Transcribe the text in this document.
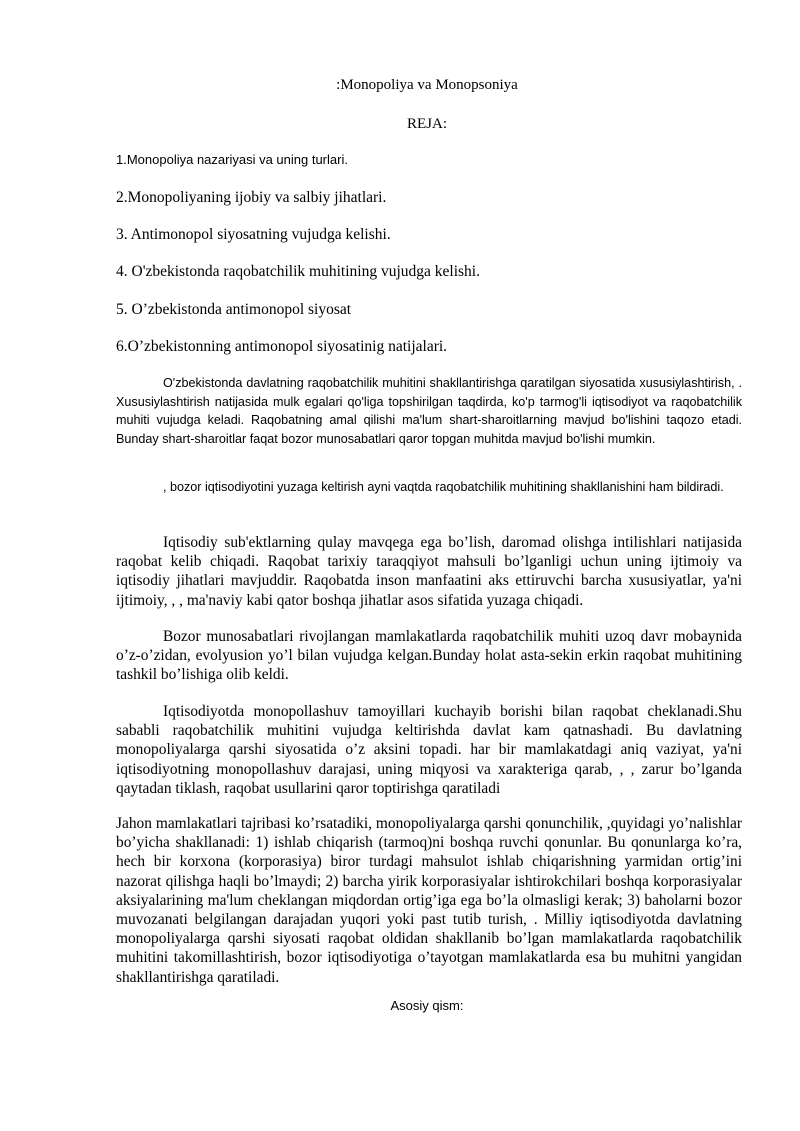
:Monopoliya va Monopsoniya
REJA:
1.Monopoliya nazariyasi va uning turlari.
2.Monopoliyaning ijobiy va salbiy jihatlari.
3. Antimonopol siyosatning vujudga kelishi.
4. O'zbekistonda raqobatchilik muhitining vujudga kelishi.
5. O’zbekistonda antimonopol siyosat
6.O’zbekistonning antimonopol siyosatinig natijalari.

O'zbekistonda davlatning raqobatchilik muhitini shakllantirishga qaratilgan siyosatida xususiylashtirish, . Xususiylashtirish natijasida mulk egalari qo'liga topshirilgan taqdirda, ko'p tarmog'li iqtisodiyot va raqobatchilik muhiti vujudga keladi. Raqobatning amal qilishi ma'lum shart-sharoitlarning mavjud bo'lishini taqozo etadi. Bunday shart-sharoitlar faqat bozor munosabatlari qaror topgan muhitda mavjud bo'lishi mumkin.

, bozor iqtisodiyotini yuzaga keltirish ayni vaqtda raqobatchilik muhitining shakllanishini ham bildiradi.

Iqtisodiy sub'ektlarning qulay mavqega ega bo’lish, daromad olishga intilishlari natijasida raqobat kelib chiqadi. Raqobat tarixiy taraqqiyot mahsuli bo’lganligi uchun uning ijtimoiy va iqtisodiy jihatlari mavjuddir. Raqobatda inson manfaatini aks ettiruvchi barcha xususiyatlar, ya'ni ijtimoiy, , , ma'naviy kabi qator boshqa jihatlar asos sifatida yuzaga chiqadi.

Bozor munosabatlari rivojlangan mamlakatlarda raqobatchilik muhiti uzoq davr mobaynida o’z-o’zidan, evolyusion yo’l bilan vujudga kelgan.Bunday holat asta-sekin erkin raqobat muhitining tashkil bo’lishiga olib keldi.

Iqtisodiyotda monopollashuv tamoyillari kuchayib borishi bilan raqobat cheklanadi.Shu sababli raqobatchilik muhitini vujudga keltirishda davlat kam qatnashadi. Bu davlatning monopoliyalarga qarshi siyosatida o’z aksini topadi. har bir mamlakatdagi aniq vaziyat, ya'ni iqtisodiyotning monopollashuv darajasi, uning miqyosi va xarakteriga qarab, , , zarur bo’lganda qaytadan tiklash, raqobat usullarini qaror toptirishga qaratiladi

Jahon mamlakatlari tajribasi ko’rsatadiki, monopoliyalarga qarshi qonunchilik, ,quyidagi yo’nalishlar bo’yicha shakllanadi: 1) ishlab chiqarish (tarmoq)ni boshqa ruvchi qonunlar. Bu qonunlarga ko’ra, hech bir korxona (korporasiya) biror turdagi mahsulot ishlab chiqarishning yarmidan ortig’ini nazorat qilishga haqli bo’lmaydi; 2) barcha yirik korporasiyalar ishtirokchilari boshqa korporasiyalar aksiyalarining ma'lum cheklangan miqdordan ortig’iga ega bo’la olmasligi kerak; 3) baholarni bozor muvozanati belgilangan darajadan yuqori yoki past tutib turish, . Milliy iqtisodiyotda davlatning monopoliyalarga qarshi siyosati raqobat oldidan shakllanib bo’lgan mamlakatlarda raqobatchilik muhitini takomillashtirish, bozor iqtisodiyotiga o’tayotgan mamlakatlarda esa bu muhitni yangidan shakllantirishga qaratiladi.

Asosiy qism:
